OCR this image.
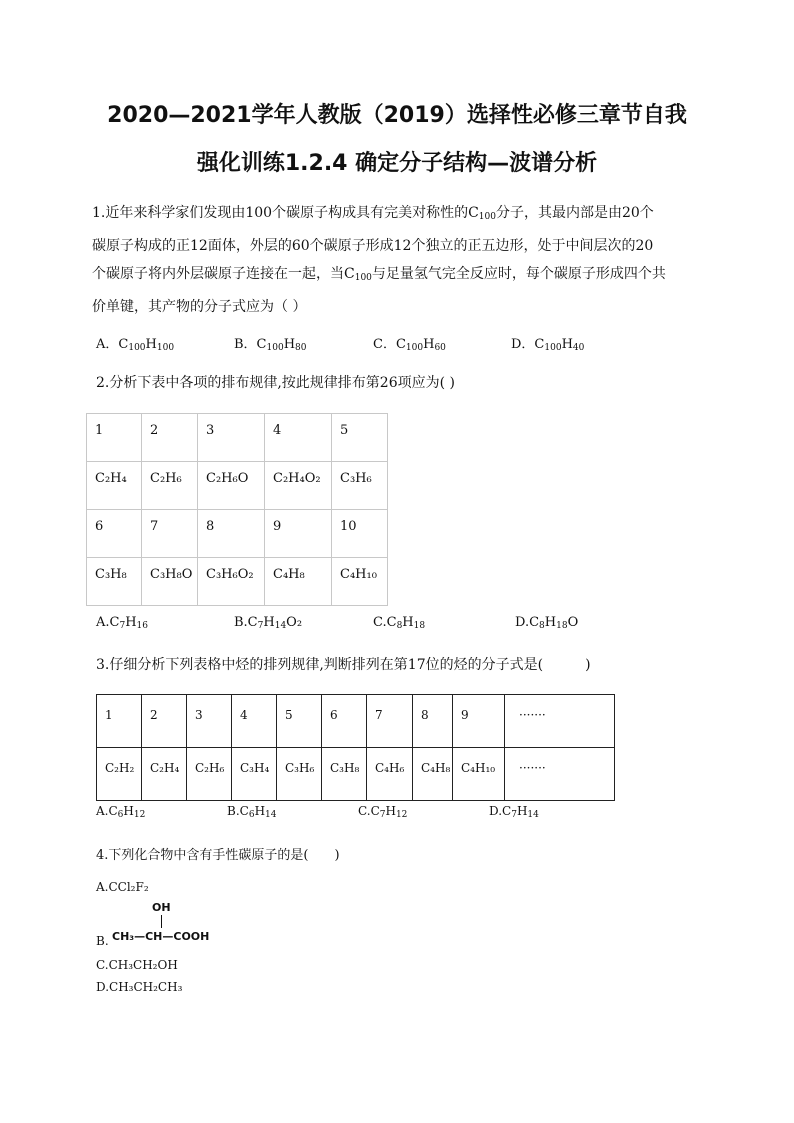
2020—2021学年人教版（2019）选择性必修三章节自我
强化训练1.2.4 确定分子结构—波谱分析
1.近年来科学家们发现由100个碳原子构成具有完美对称性的$C_{100}$分子，其最内部是由20个
碳原子构成的正12面体，外层的60个碳原子形成12个独立的正五边形，处于中间层次的20
个碳原子将内外层碳原子连接在一起，当$C_{100}$与足量氢气完全反应时，每个碳原子形成四个共
价单键，其产物的分子式应为（ ）
A．$C_{100}H_{100}$	B．$C_{100}H_{80}$	C．$C_{100}H_{60}$	D．$C_{100}H_{40}$
2.分析下表中各项的排布规律,按此规律排布第26项应为( )
1	2	3	4	5
C₂H₄	C₂H₆	C₂H₆O	C₂H₄O₂	C₃H₆
6	7	8	9	10
C₃H₈	C₃H₈O	C₃H₆O₂	C₄H₈	C₄H₁₀
$A.C_7H_{16}$	$B.C_7H_{14}O_2$	$C.C_8H_{18}$	$D.C_8H_{18}O$
3.仔细分析下列表格中烃的排列规律,判断排列在第17位的烃的分子式是(　　　)
1	2	3	4	5	6	7	8	9	·······
C₂H₂	C₂H₄	C₂H₆	C₃H₄	C₃H₆	C₃H₈	C₄H₆	C₄H₈	C₄H₁₀	·······
$A.C_6H_{12}$	$B.C_6H_{14}$	$C.C_7H_{12}$	$D.C_7H_{14}$
4.下列化合物中含有手性碳原子的是(　　)
A.CCl₂F₂
B.
OH
CH₃—CH—COOH
C.CH₃CH₂OH
D.CH₃CH₂CH₃
